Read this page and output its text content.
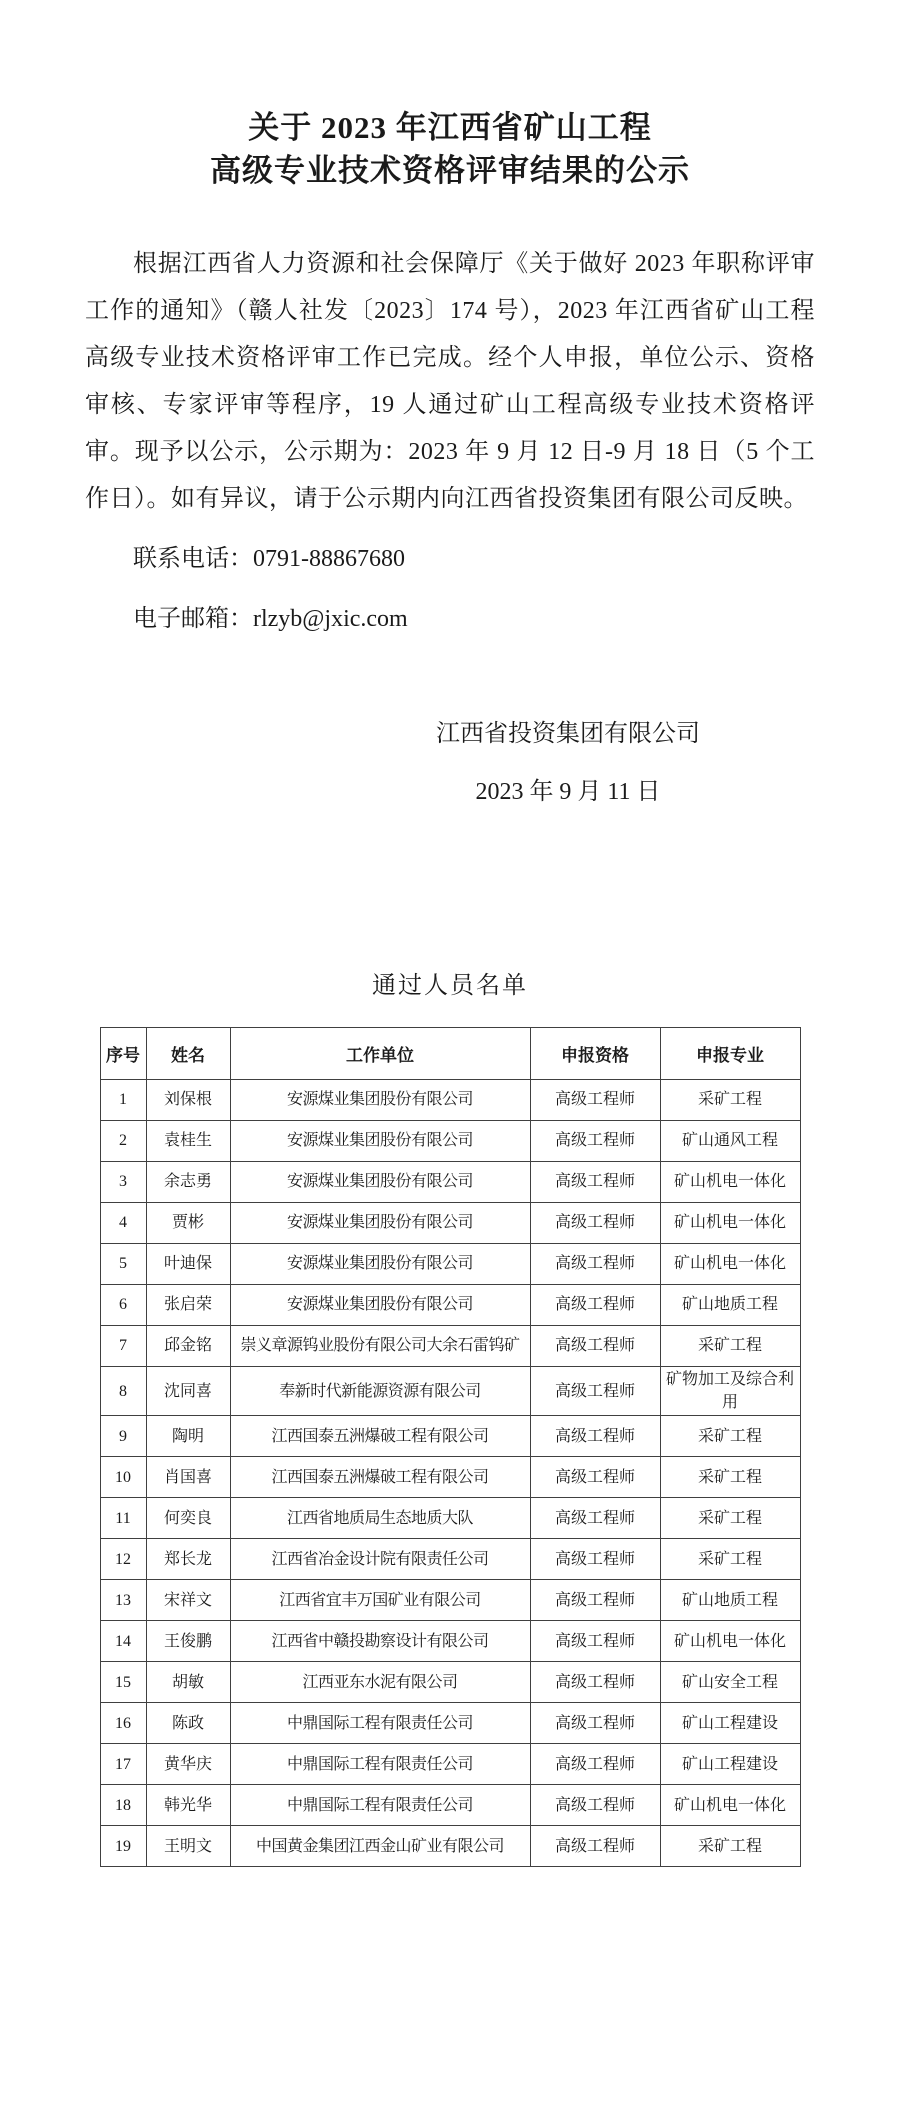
关于 2023 年江西省矿山工程
高级专业技术资格评审结果的公示

根据江西省人力资源和社会保障厅《关于做好 2023 年职称评审工作的通知》（赣人社发〔2023〕174 号），2023 年江西省矿山工程高级专业技术资格评审工作已完成。经个人申报，单位公示、资格审核、专家评审等程序，19 人通过矿山工程高级专业技术资格评审。现予以公示，公示期为：2023 年 9 月 12 日-9 月 18 日（5 个工作日）。如有异议，请于公示期内向江西省投资集团有限公司反映。

联系电话：0791-88867680

电子邮箱：rlzyb@jxic.com

江西省投资集团有限公司
2023 年 9 月 11 日
通过人员名单
序号	姓名	工作单位	申报资格	申报专业
1	刘保根	安源煤业集团股份有限公司	高级工程师	采矿工程
2	袁桂生	安源煤业集团股份有限公司	高级工程师	矿山通风工程
3	余志勇	安源煤业集团股份有限公司	高级工程师	矿山机电一体化
4	贾彬	安源煤业集团股份有限公司	高级工程师	矿山机电一体化
5	叶迪保	安源煤业集团股份有限公司	高级工程师	矿山机电一体化
6	张启荣	安源煤业集团股份有限公司	高级工程师	矿山地质工程
7	邱金铭	崇义章源钨业股份有限公司大余石雷钨矿	高级工程师	采矿工程
8	沈同喜	奉新时代新能源资源有限公司	高级工程师	矿物加工及综合利用
9	陶明	江西国泰五洲爆破工程有限公司	高级工程师	采矿工程
10	肖国喜	江西国泰五洲爆破工程有限公司	高级工程师	采矿工程
11	何奕良	江西省地质局生态地质大队	高级工程师	采矿工程
12	郑长龙	江西省冶金设计院有限责任公司	高级工程师	采矿工程
13	宋祥文	江西省宜丰万国矿业有限公司	高级工程师	矿山地质工程
14	王俊鹏	江西省中赣投勘察设计有限公司	高级工程师	矿山机电一体化
15	胡敏	江西亚东水泥有限公司	高级工程师	矿山安全工程
16	陈政	中鼎国际工程有限责任公司	高级工程师	矿山工程建设
17	黄华庆	中鼎国际工程有限责任公司	高级工程师	矿山工程建设
18	韩光华	中鼎国际工程有限责任公司	高级工程师	矿山机电一体化
19	王明文	中国黄金集团江西金山矿业有限公司	高级工程师	采矿工程
